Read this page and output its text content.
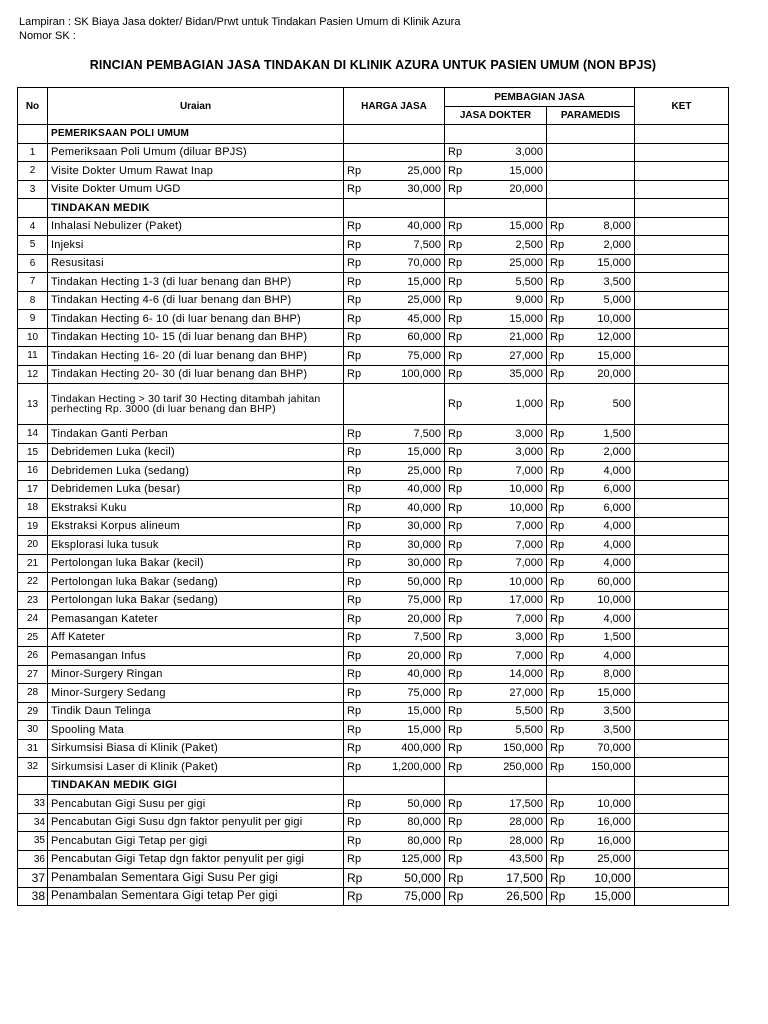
Lampiran : SK Biaya Jasa dokter/ Bidan/Prwt untuk Tindakan Pasien Umum di Klinik Azura
Nomor SK :
RINCIAN PEMBAGIAN JASA TINDAKAN DI KLINIK AZURA UNTUK PASIEN UMUM (NON BPJS)
No	Uraian	HARGA JASA	PEMBAGIAN JASA		KET
			JASA DOKTER	PARAMEDIS	
	PEMERIKSAAN POLI UMUM				
1	Pemeriksaan Poli Umum (diluar BPJS)		Rp 3,000		

2	Visite Dokter Umum Rawat Inap	Rp 25,000	Rp 15,000		

3	Visite Dokter Umum UGD	Rp 30,000	Rp 20,000		

	TINDAKAN MEDIK				
4	Inhalasi Nebulizer (Paket)	Rp 40,000	Rp 15,000	Rp 8,000	

5	Injeksi	Rp 7,500	Rp 2,500	Rp 2,000	

6	Resusitasi	Rp 70,000	Rp 25,000	Rp 15,000	

7	Tindakan Hecting 1-3 (di luar benang dan BHP)	Rp 15,000	Rp 5,500	Rp 3,500	

8	Tindakan Hecting 4-6 (di luar benang dan BHP)	Rp 25,000	Rp 9,000	Rp 5,000	

9	Tindakan Hecting 6- 10 (di luar benang dan BHP)	Rp 45,000	Rp 15,000	Rp 10,000	

10	Tindakan Hecting 10- 15 (di luar benang dan BHP)	Rp 60,000	Rp 21,000	Rp 12,000	

11	Tindakan Hecting 16- 20 (di luar benang dan BHP)	Rp 75,000	Rp 27,000	Rp 15,000	

12	Tindakan Hecting 20- 30 (di luar benang dan BHP)	Rp 100,000	Rp 35,000	Rp 20,000	

13	Tindakan Hecting > 30 tarif 30 Hecting ditambah jahitan perhecting Rp. 3000 (di luar benang dan BHP)		Rp 1,000	Rp 500	

14	Tindakan Ganti Perban	Rp 7,500	Rp 3,000	Rp 1,500	

15	Debridemen Luka (kecil)	Rp 15,000	Rp 3,000	Rp 2,000	

16	Debridemen Luka (sedang)	Rp 25,000	Rp 7,000	Rp 4,000	

17	Debridemen Luka (besar)	Rp 40,000	Rp 10,000	Rp 6,000	

18	Ekstraksi Kuku	Rp 40,000	Rp 10,000	Rp 6,000	

19	Ekstraksi Korpus alineum	Rp 30,000	Rp 7,000	Rp 4,000	

20	Eksplorasi luka tusuk	Rp 30,000	Rp 7,000	Rp 4,000	

21	Pertolongan luka Bakar (kecil)	Rp 30,000	Rp 7,000	Rp 4,000	

22	Pertolongan luka Bakar (sedang)	Rp 50,000	Rp 10,000	Rp 60,000	

23	Pertolongan luka Bakar (sedang)	Rp 75,000	Rp 17,000	Rp 10,000	

24	Pemasangan Kateter	Rp 20,000	Rp 7,000	Rp 4,000	

25	Aff Kateter	Rp 7,500	Rp 3,000	Rp 1,500	

26	Pemasangan Infus	Rp 20,000	Rp 7,000	Rp 4,000	

27	Minor-Surgery Ringan	Rp 40,000	Rp 14,000	Rp 8,000	

28	Minor-Surgery Sedang	Rp 75,000	Rp 27,000	Rp 15,000	

29	Tindik Daun Telinga	Rp 15,000	Rp 5,500	Rp 3,500	

30	Spooling Mata	Rp 15,000	Rp 5,500	Rp 3,500	

31	Sirkumsisi Biasa di Klinik (Paket)	Rp 400,000	Rp 150,000	Rp 70,000	

32	Sirkumsisi Laser di Klinik (Paket)	Rp 1,200,000	Rp 250,000	Rp 150,000	

	TINDAKAN MEDIK GIGI				
33	Pencabutan Gigi Susu per gigi	Rp 50,000	Rp 17,500	Rp 10,000	

34	Pencabutan Gigi Susu dgn faktor penyulit per gigi	Rp 80,000	Rp 28,000	Rp 16,000	

35	Pencabutan Gigi Tetap per gigi	Rp 80,000	Rp 28,000	Rp 16,000	

36	Pencabutan Gigi Tetap dgn faktor penyulit per gigi	Rp 125,000	Rp 43,500	Rp 25,000	

37	Penambalan Sementara Gigi Susu Per gigi	Rp 50,000	Rp 17,500	Rp 10,000	

38	Penambalan Sementara Gigi tetap Per gigi	Rp 75,000	Rp 26,500	Rp 15,000	
